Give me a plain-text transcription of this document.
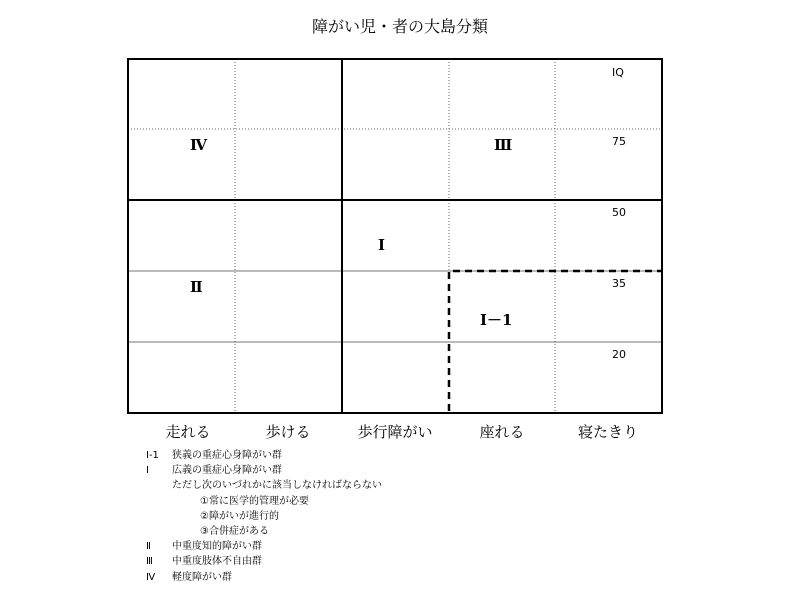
障がい児・者の大島分類
走れる	歩ける	歩行障がい	座れる	寝たきり
IQ
75
50
35
20
Ⅳ	Ⅲ
Ⅰ
Ⅱ
Ⅰ－1
Ⅰ-1 狭義の重症心身障がい群
Ⅰ 広義の重症心身障がい群
ただし次のいづれかに該当しなければならない
①常に医学的管理が必要
②障がいが進行的
③合併症がある
Ⅱ 中重度知的障がい群
Ⅲ 中重度肢体不自由群
Ⅳ 軽度障がい群
